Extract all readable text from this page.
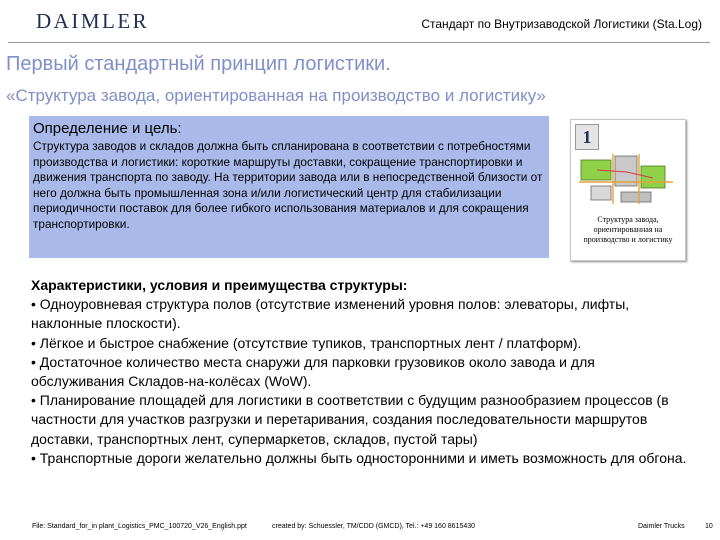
DAIMLER	Стандарт по Внутризаводской Логистики (Sta.Log)
Первый стандартный принцип логистики.
«Структура завода, ориентированная на производство и логистику»
Определение и цель:
Структура заводов и складов должна быть спланирована в соответствии с потребностями производства и логистики: короткие маршруты доставки, сокращение транспортировки и движения транспорта по заводу. На территории завода или в непосредственной близости от него должна быть промышленная зона и/или логистический центр для стабилизации периодичности поставок для более гибкого использования материалов и для сокращения транспортировки.
1
Структура завода, ориентированная на производство и логистику
Характеристики, условия и преимущества структуры:
• Одноуровневая структура полов (отсутствие изменений уровня полов: элеваторы, лифты, наклонные плоскости).
• Лёгкое и быстрое снабжение (отсутствие тупиков, транспортных лент / платформ).
• Достаточное количество места снаружи для парковки грузовиков около завода и для обслуживания Складов-на-колёсах (WoW).
• Планирование площадей для логистики в соответствии с будущим разнообразием процессов (в частности для участков разгрузки и перетаривания, создания последовательности маршрутов доставки, транспортных лент, супермаркетов, складов, пустой тары)
• Транспортные дороги желательно должны быть односторонними и иметь возможность для обгона.
File: Standard_for_in plant_Logistics_PMC_100720_V26_English.ppt	created by: Schuessler, TM/CDD (GMCD), Tel.: +49 160 8615430	Daimler Trucks	10
